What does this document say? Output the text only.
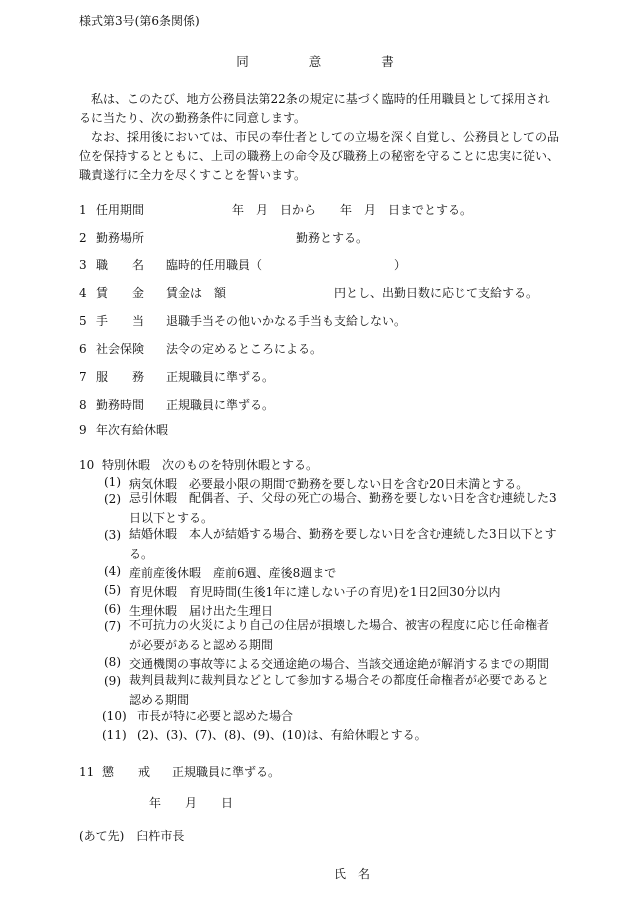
様式第3号(第6条関係)
同意書
私は、このたび、地方公務員法第22条の規定に基づく臨時的任用職員として採用されるに当たり、次の勤務条件に同意します。
なお、採用後においては、市民の奉仕者としての立場を深く自覚し、公務員としての品位を保持するとともに、上司の職務上の命令及び職務上の秘密を守ることに忠実に従い、職責遂行に全力を尽くすことを誓います。
1 任用期間	　年　月　日から　　年　月　日までとする。
2 勤務場所	勤務とする。
3 職　　名 臨時的任用職員（　　　　　　　　　　　）
4 賃　　金 賃金は　額　　　　　　　　　円とし、出勤日数に応じて支給する。
5 手　　当 退職手当その他いかなる手当も支給しない。
6 社会保険 法令の定めるところによる。
7 服　　務 正規職員に準ずる。
8 勤務時間 正規職員に準ずる。
9 年次有給休暇
10 特別休暇　次のものを特別休暇とする。
(1) 病気休暇　必要最小限の期間で勤務を要しない日を含む20日未満とする。
(2) 忌引休暇　配偶者、子、父母の死亡の場合、勤務を要しない日を含む連続した3日以下とする。
(3) 結婚休暇　本人が結婚する場合、勤務を要しない日を含む連続した3日以下とする。
(4) 産前産後休暇　産前6週、産後8週まで
(5) 育児休暇　育児時間(生後1年に達しない子の育児)を1日2回30分以内
(6) 生理休暇　届け出た生理日
(7) 不可抗力の火災により自己の住居が損壊した場合、被害の程度に応じ任命権者が必要があると認める期間
(8) 交通機関の事故等による交通途絶の場合、当該交通途絶が解消するまでの期間
(9) 裁判員裁判に裁判員などとして参加する場合その都度任命権者が必要であると認める期間
(10) 市長が特に必要と認めた場合
(11) (2)、(3)、(7)、(8)、(9)、(10)は、有給休暇とする。
11 懲　　戒 正規職員に準ずる。
年　　月　　日
(あて先)　臼杵市長
氏　名
